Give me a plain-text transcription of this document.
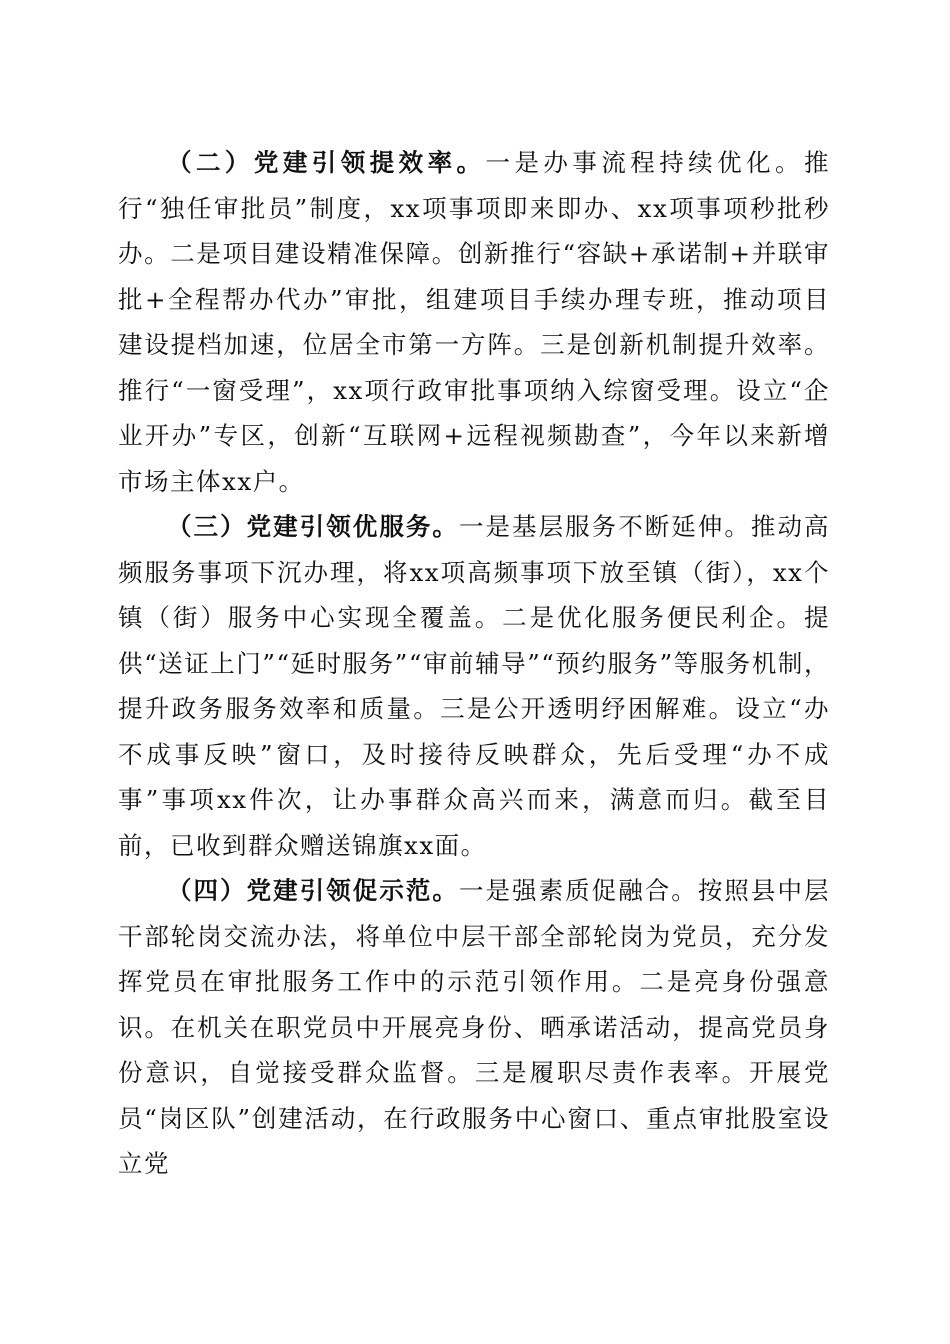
（二）党建引领提效率。一是办事流程持续优化。推行“独任审批员”制度，xx项事项即来即办、xx项事项秒批秒办。二是项目建设精准保障。创新推行“容缺+承诺制+并联审批+全程帮办代办”审批，组建项目手续办理专班，推动项目建设提档加速，位居全市第一方阵。三是创新机制提升效率。推行“一窗受理”，xx项行政审批事项纳入综窗受理。设立“企业开办”专区，创新“互联网+远程视频勘查”，今年以来新增市场主体xx户。

（三）党建引领优服务。一是基层服务不断延伸。推动高频服务事项下沉办理，将xx项高频事项下放至镇（街），xx个镇（街）服务中心实现全覆盖。二是优化服务便民利企。提供“送证上门”“延时服务”“审前辅导”“预约服务”等服务机制，提升政务服务效率和质量。三是公开透明纾困解难。设立“办不成事反映”窗口，及时接待反映群众，先后受理“办不成事”事项xx件次，让办事群众高兴而来，满意而归。截至目前，已收到群众赠送锦旗xx面。

（四）党建引领促示范。一是强素质促融合。按照县中层干部轮岗交流办法，将单位中层干部全部轮岗为党员，充分发挥党员在审批服务工作中的示范引领作用。二是亮身份强意识。在机关在职党员中开展亮身份、晒承诺活动，提高党员身份意识，自觉接受群众监督。三是履职尽责作表率。开展党员“岗区队”创建活动，在行政服务中心窗口、重点审批股室设立党
